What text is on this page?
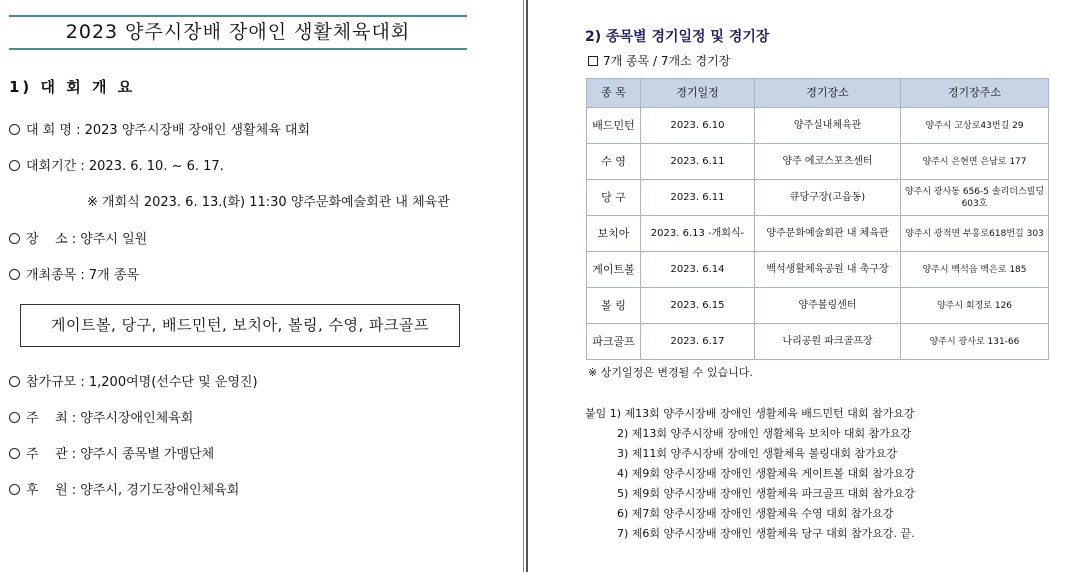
2023 양주시장배 장애인 생활체육대회
1) 대 회 개 요
대 회 명 : 2023 양주시장배 장애인 생활체육 대회
대회기간 : 2023. 6. 10. ~ 6. 17.
※ 개회식 2023. 6. 13.(화) 11:30 양주문화예술회관 내 체육관
장    소 : 양주시 일원
개최종목 : 7개 종목
게이트볼, 당구, 배드민턴, 보치아, 볼링, 수영, 파크골프
참가규모 : 1,200여명(선수단 및 운영진)
주    최 : 양주시장애인체육회
주    관 : 양주시 종목별 가맹단체
후    원 : 양주시, 경기도장애인체육회
2) 종목별 경기일정 및 경기장
7개 종목 / 7개소 경기장
종 목	경기일정	경기장소	경기장주소
배드민턴	2023. 6.10	양주실내체육관	양주시 고상로43번길 29
수 영	2023. 6.11	양주 에코스포츠센터	양주시 은현면 은남로 177
당 구	2023. 6.11	큐당구장(고읍동)	양주시 광사동 656-5 솔리더스빌딩 603호
보치아	2023. 6.13 -개회식-	양주문화예술회관 내 체육관	양주시 광적면 부흥로618번길 303
게이트볼	2023. 6.14	백석생활체육공원 내 축구장	양주시 백석읍 백은로 185
볼 링	2023. 6.15	양주볼링센터	양주시 회정로 126
파크골프	2023. 6.17	나리공원 파크골프장	양주시 광사로 131-66
※ 상기일정은 변경될 수 있습니다.
붙임 1) 제13회 양주시장배 장애인 생활체육 배드민턴 대회 참가요강
2) 제13회 양주시장배 장애인 생활체육 보치아 대회 참가요강
3) 제11회 양주시장배 장애인 생활체육 볼링대회 참가요강
4) 제9회 양주시장배 장애인 생활체육 게이트볼 대회 참가요강
5) 제9회 양주시장배 장애인 생활체육 파크골프 대회 참가요강
6) 제7회 양주시장배 장애인 생활체육 수영 대회 참가요강
7) 제6회 양주시장배 장애인 생활체육 당구 대회 참가요강. 끝.
